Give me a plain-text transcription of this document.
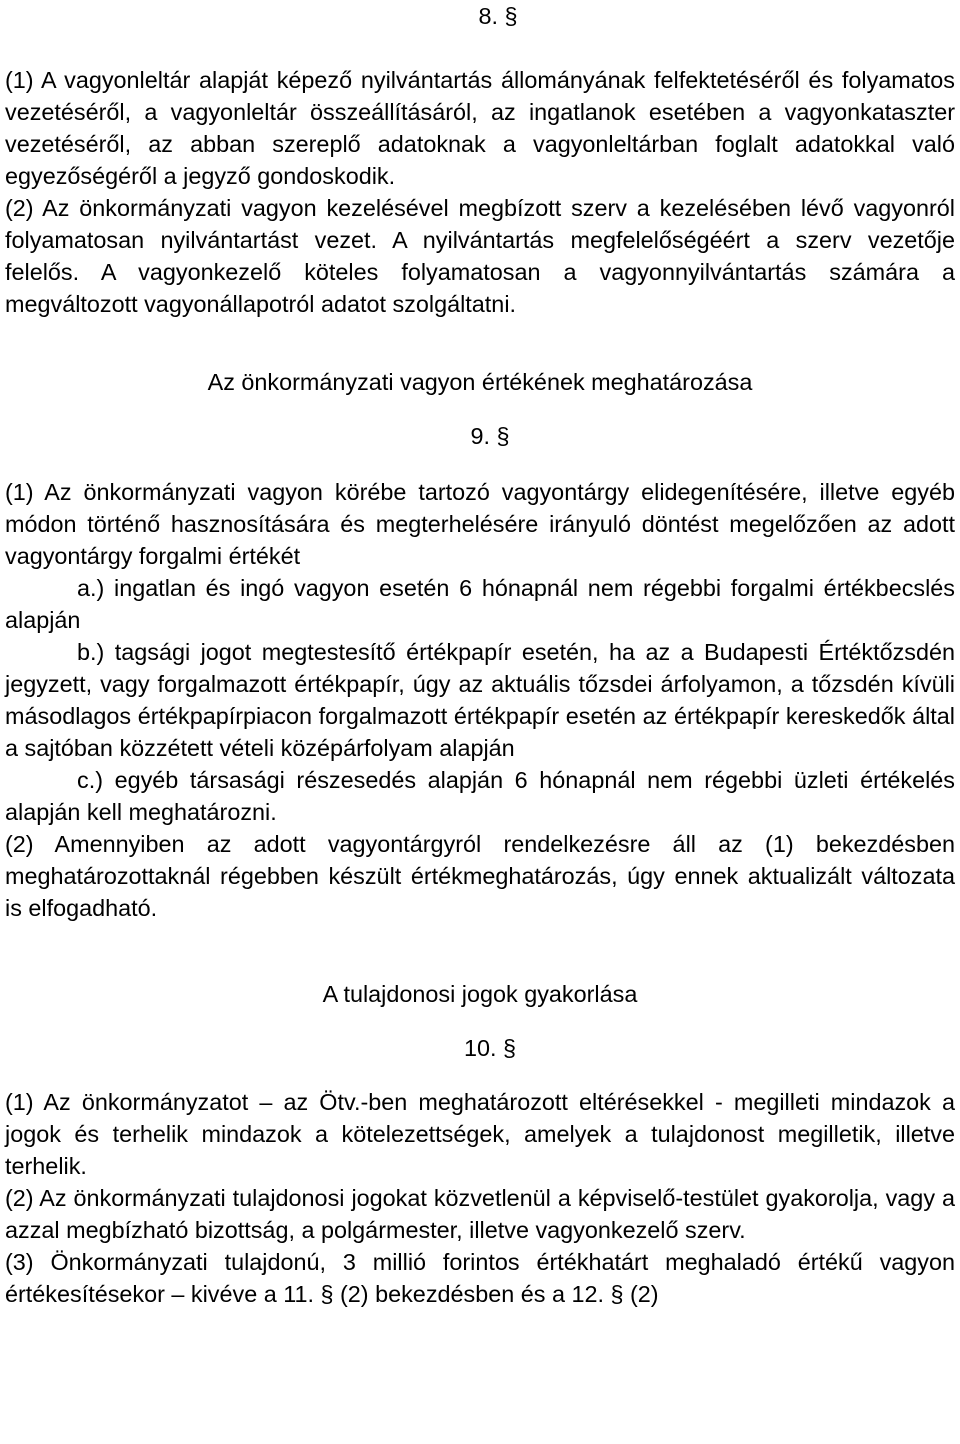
8. §

(1) A vagyonleltár alapját képező nyilvántartás állományának felfektetéséről és folyamatos vezetéséről, a vagyonleltár összeállításáról, az ingatlanok esetében a vagyonkataszter vezetéséről, az abban szereplő adatoknak a vagyonleltárban foglalt adatokkal való egyezőségéről a jegyző gondoskodik.

(2) Az önkormányzati vagyon kezelésével megbízott szerv a kezelésében lévő vagyonról folyamatosan nyilvántartást vezet. A nyilvántartás megfelelőségéért a szerv vezetője felelős. A vagyonkezelő köteles folyamatosan a vagyonnyilvántartás számára a megváltozott vagyonállapotról adatot szolgáltatni.

Az önkormányzati vagyon értékének meghatározása

9. §

(1) Az önkormányzati vagyon körébe tartozó vagyontárgy elidegenítésére, illetve egyéb módon történő hasznosítására és megterhelésére irányuló döntést megelőzően az adott vagyontárgy forgalmi értékét

a.) ingatlan és ingó vagyon esetén 6 hónapnál nem régebbi forgalmi értékbecslés alapján

b.) tagsági jogot megtestesítő értékpapír esetén, ha az a Budapesti Értéktőzsdén jegyzett, vagy forgalmazott értékpapír, úgy az aktuális tőzsdei árfolyamon, a tőzsdén kívüli másodlagos értékpapírpiacon forgalmazott értékpapír esetén az értékpapír kereskedők által a sajtóban közzétett vételi középárfolyam alapján

c.) egyéb társasági részesedés alapján 6 hónapnál nem régebbi üzleti értékelés alapján kell meghatározni.

(2) Amennyiben az adott vagyontárgyról rendelkezésre áll az (1) bekezdésben meghatározottaknál régebben készült értékmeghatározás, úgy ennek aktualizált változata is elfogadható.

A tulajdonosi jogok gyakorlása

10. §

(1) Az önkormányzatot – az Ötv.-ben meghatározott eltérésekkel - megilleti mindazok a jogok és terhelik mindazok a kötelezettségek, amelyek a tulajdonost megilletik, illetve terhelik.

(2) Az önkormányzati tulajdonosi jogokat közvetlenül a képviselő-testület gyakorolja, vagy a azzal megbízható bizottság, a polgármester, illetve vagyonkezelő szerv.

(3) Önkormányzati tulajdonú, 3 millió forintos értékhatárt meghaladó értékű vagyon értékesítésekor – kivéve a 11. § (2) bekezdésben és a 12. § (2)
